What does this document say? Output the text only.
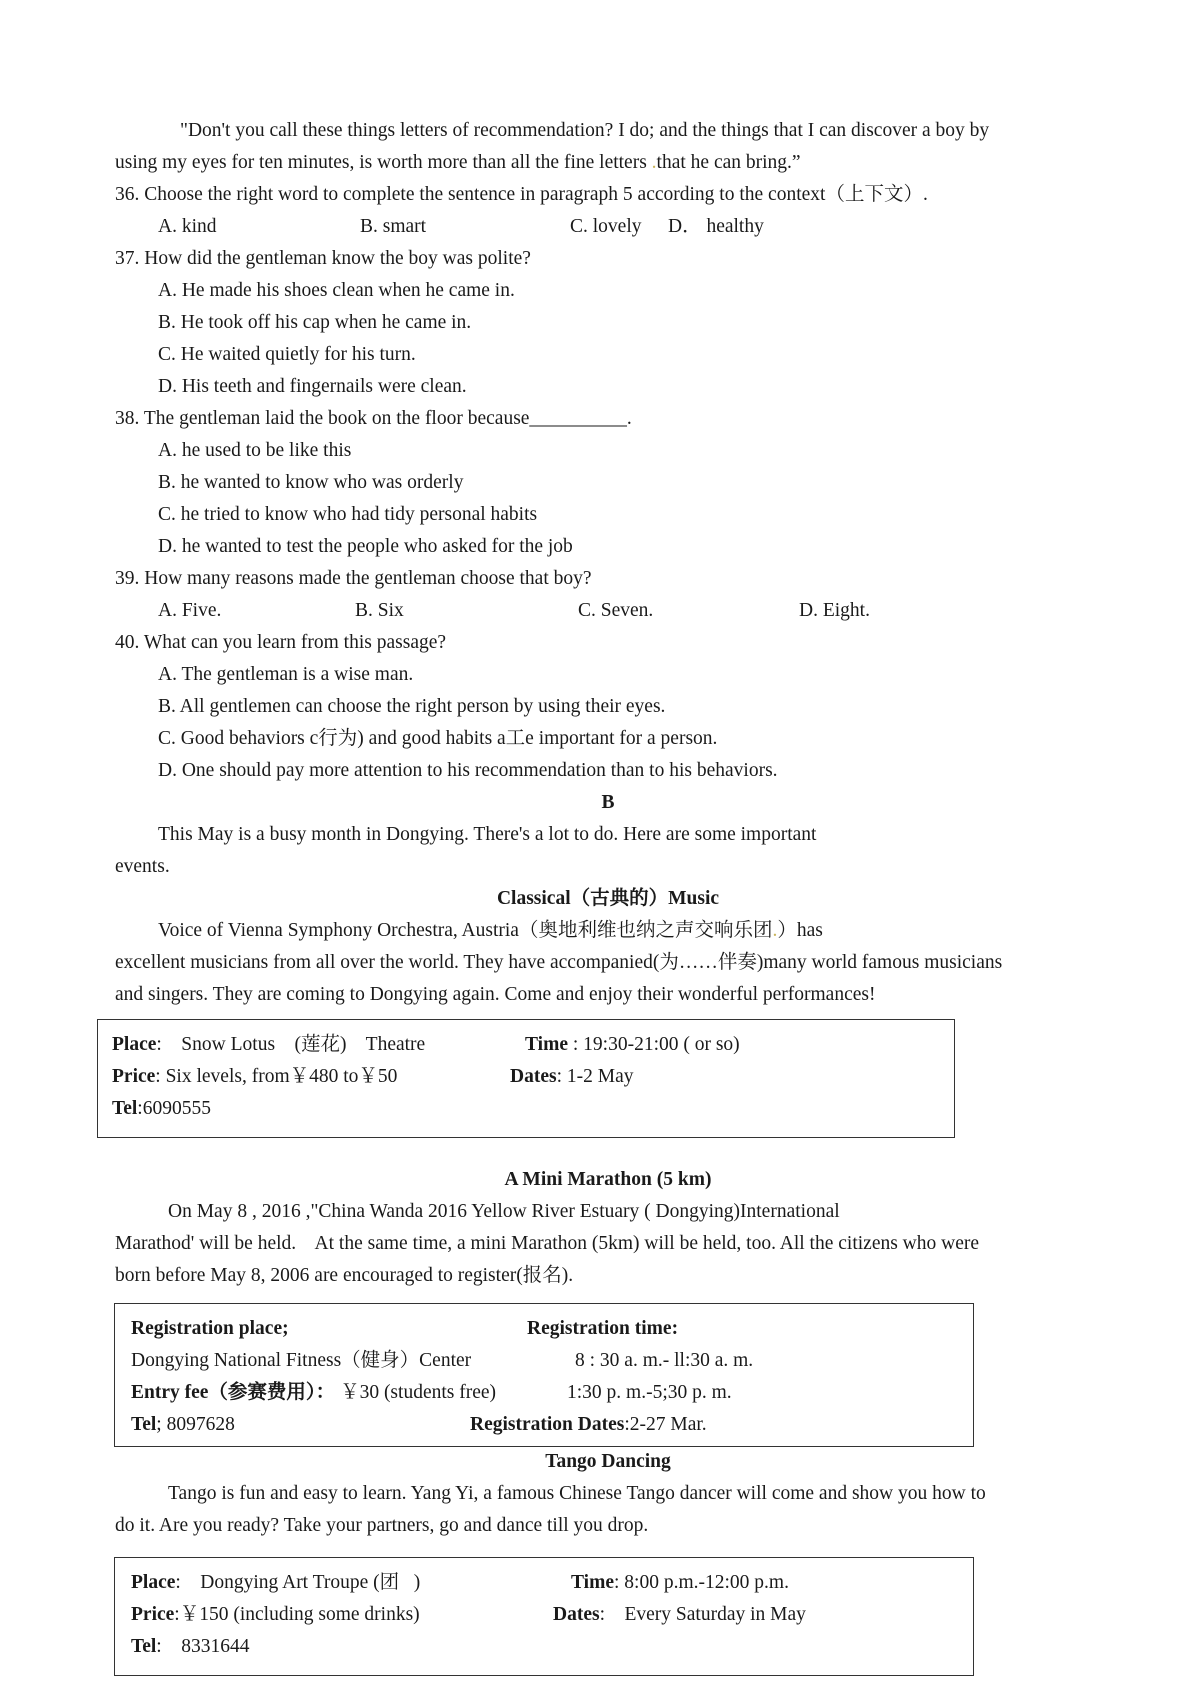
"Don't you call these things letters of recommendation? I do; and the things that I can discover a boy by
using my eyes for ten minutes, is worth more than all the fine letters .that he can bring.”
36. Choose the right word to complete the sentence in paragraph 5 according to the context（上下文）.
A. kind	B. smart	C. lovely D． healthy
37. How did the gentleman know the boy was polite?
A. He made his shoes clean when he came in.
B. He took off his cap when he came in.
C. He waited quietly for his turn.
D. His teeth and fingernails were clean.
38. The gentleman laid the book on the floor because__________.
A. he used to be like this
B. he wanted to know who was orderly
C. he tried to know who had tidy personal habits
D. he wanted to test the people who asked for the job
39. How many reasons made the gentleman choose that boy?
A. Five.	B. Six	C. Seven.	D. Eight.
40. What can you learn from this passage?
A. The gentleman is a wise man.
B. All gentlemen can choose the right person by using their eyes.
C. Good behaviors c行为) and good habits a工e important for a person.
D. One should pay more attention to his recommendation than to his behaviors.
B
This May is a busy month in Dongying. There's a lot to do. Here are some important
events.
Classical（古典的）Music
Voice of Vienna Symphony Orchestra, Austria（奥地利维也纳之声交响乐团.）has
excellent musicians from all over the world. They have accompanied(为……伴奏)many world famous musicians
and singers. They are coming to Dongying again. Come and enjoy their wonderful performances!
Place:    Snow Lotus    (莲花)    Theatre	Time : 19:30-21:00 ( or so)
Price: Six levels, from￥480 to￥50	Dates: 1-2 May
Tel:6090555
A Mini Marathon (5 km)
On May 8 , 2016 ,"China Wanda 2016 Yellow River Estuary ( Dongying)International
Marathod' will be held.    At the same time, a mini Marathon (5km) will be held, too. All the citizens who were
born before May 8, 2006 are encouraged to register(报名).
Registration place;	Registration time:
Dongying National Fitness（健身）Center	8 : 30 a. m.- ll:30 a. m.
Entry fee（参赛费用）： ￥30 (students free)	1:30 p. m.-5;30 p. m.
Tel; 8097628	Registration Dates:2-27 Mar.
Tango Dancing
Tango is fun and easy to learn. Yang Yi, a famous Chinese Tango dancer will come and show you how to
do it. Are you ready? Take your partners, go and dance till you drop.
Place:    Dongying Art Troupe (团   )	Time: 8:00 p.m.-12:00 p.m.
Price:￥150 (including some drinks)	Dates:    Every Saturday in May
Tel:    8331644
